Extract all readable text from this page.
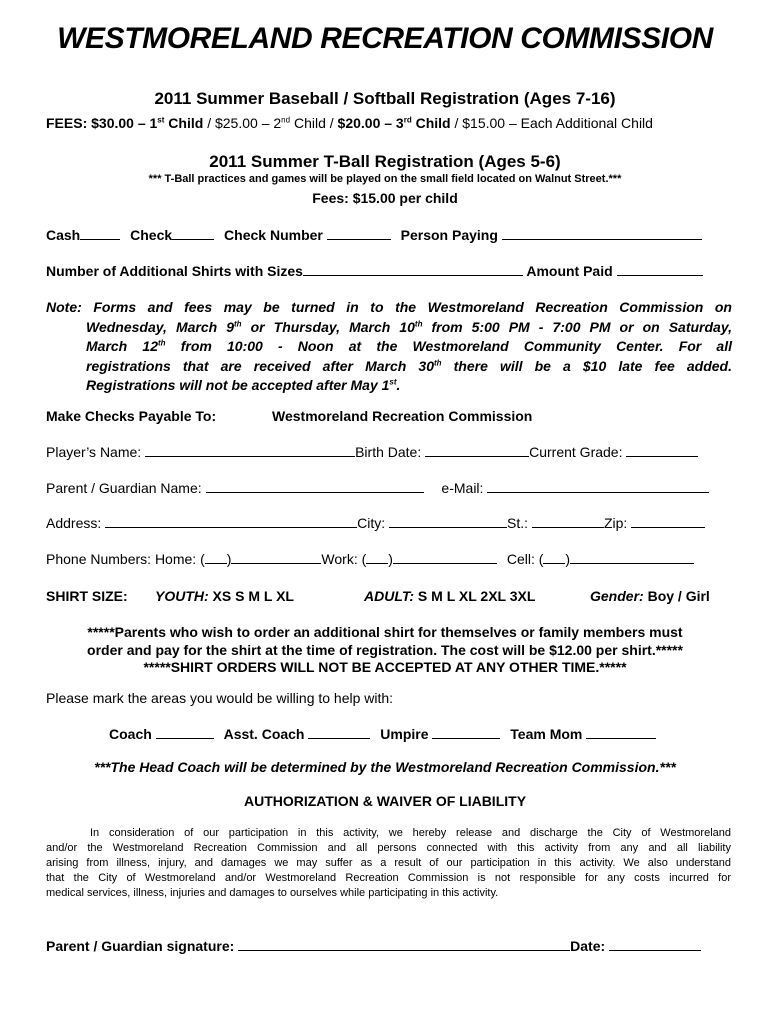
WESTMORELAND RECREATION COMMISSION
2011 Summer Baseball / Softball Registration (Ages 7-16)
FEES: $30.00 – 1st Child / $25.00 – 2nd Child / $20.00 – 3rd Child / $15.00 – Each Additional Child
2011 Summer T-Ball Registration (Ages 5-6)
*** T-Ball practices and games will be played on the small field located on Walnut Street.***
Fees: $15.00 per child
Cash	Check	Check Number	Person Paying
Number of Additional Shirts with Sizes	Amount Paid
Note: Forms and fees may be turned in to the Westmoreland Recreation Commission on
Wednesday, March 9th or Thursday, March 10th from 5:00 PM - 7:00 PM or on Saturday,
March 12th from 10:00 - Noon at the Westmoreland Community Center. For all
registrations that are received after March 30th there will be a $10 late fee added.
Registrations will not be accepted after May 1st.
Make Checks Payable To:	Westmoreland Recreation Commission
Player’s Name:	Birth Date:	Current Grade:
Parent / Guardian Name:	e-Mail:
Address:	City:	St.:	Zip:
Phone Numbers: Home: ( )	Work: ( )	Cell: ( )
SHIRT SIZE: YOUTH: XS S M L XL	ADULT: S M L XL 2XL 3XL	Gender: Boy / Girl
*****Parents who wish to order an additional shirt for themselves or family members must
order and pay for the shirt at the time of registration. The cost will be $12.00 per shirt.*****
*****SHIRT ORDERS WILL NOT BE ACCEPTED AT ANY OTHER TIME.*****
Please mark the areas you would be willing to help with:
Coach	Asst. Coach	Umpire	Team Mom
***The Head Coach will be determined by the Westmoreland Recreation Commission.***
AUTHORIZATION & WAIVER OF LIABILITY
In consideration of our participation in this activity, we hereby release and discharge the City of Westmoreland
and/or the Westmoreland Recreation Commission and all persons connected with this activity from any and all liability
arising from illness, injury, and damages we may suffer as a result of our participation in this activity. We also understand
that the City of Westmoreland and/or Westmoreland Recreation Commission is not responsible for any costs incurred for
medical services, illness, injuries and damages to ourselves while participating in this activity.
Parent / Guardian signature:	Date:
